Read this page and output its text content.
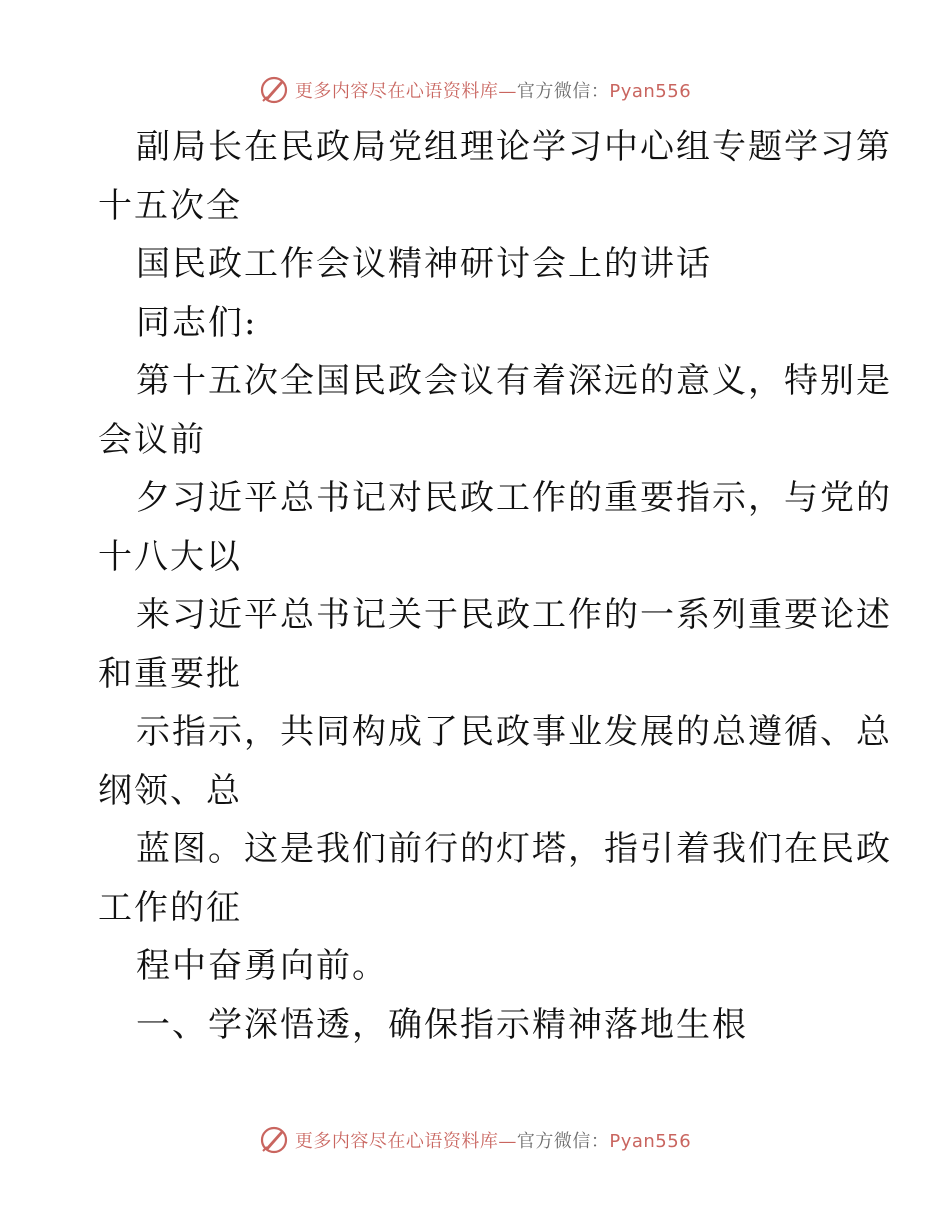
更多内容尽在心语资料库—官方微信：Pyan556
副局长在民政局党组理论学习中心组专题学习第
十五次全
国民政工作会议精神研讨会上的讲话
同志们:
第十五次全国民政会议有着深远的意义，特别是
会议前
夕习近平总书记对民政工作的重要指示，与党的
十八大以
来习近平总书记关于民政工作的一系列重要论述
和重要批
示指示，共同构成了民政事业发展的总遵循、总
纲领、总
蓝图。这是我们前行的灯塔，指引着我们在民政
工作的征
程中奋勇向前。
一、学深悟透，确保指示精神落地生根
更多内容尽在心语资料库—官方微信：Pyan556
